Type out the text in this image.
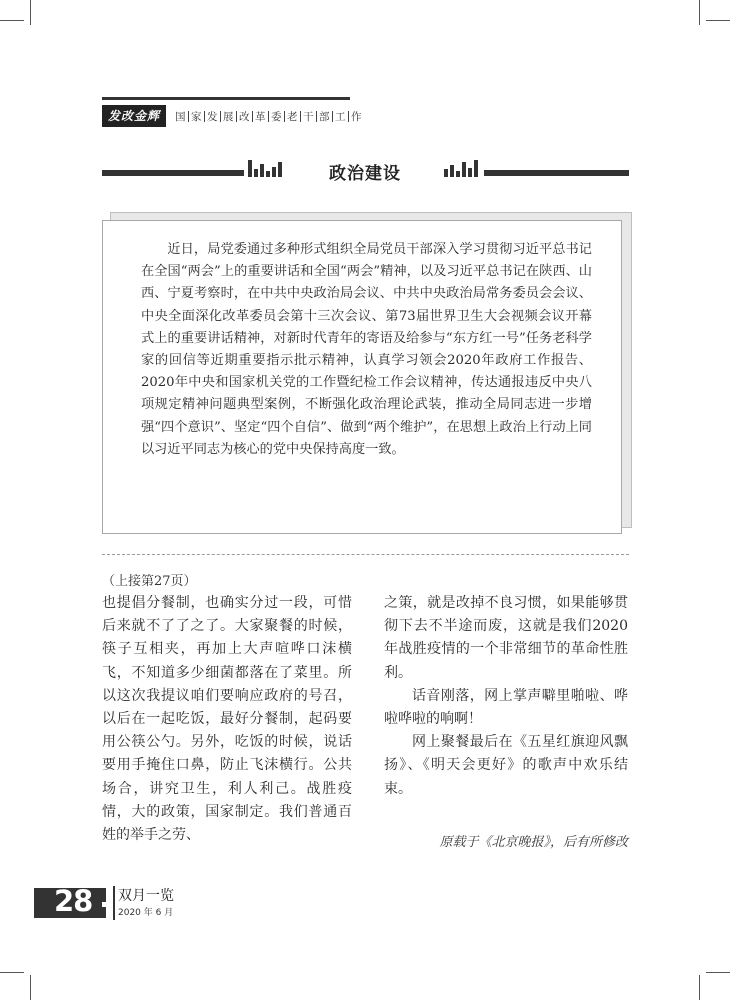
发改金辉	国 家 发 展 改 革 委 老 干 部 工 作
政治建设

近日，局党委通过多种形式组织全局党员干部深入学习贯彻习近平总书记在全国“两会”上的重要讲话和全国“两会”精神，以及习近平总书记在陕西、山西、宁夏考察时，在中共中央政治局会议、中共中央政治局常务委员会会议、中央全面深化改革委员会第十三次会议、第73届世界卫生大会视频会议开幕式上的重要讲话精神，对新时代青年的寄语及给参与“东方红一号”任务老科学家的回信等近期重要指示批示精神，认真学习领会2020年政府工作报告、2020年中央和国家机关党的工作暨纪检工作会议精神，传达通报违反中央八项规定精神问题典型案例，不断强化政治理论武装，推动全局同志进一步增强“四个意识”、坚定“四个自信”、做到“两个维护”，在思想上政治上行动上同以习近平同志为核心的党中央保持高度一致。

（上接第27页）

也提倡分餐制，也确实分过一段，可惜后来就不了了之了。大家聚餐的时候，筷子互相夹，再加上大声喧哗口沫横飞，不知道多少细菌都落在了菜里。所以这次我提议咱们要响应政府的号召，以后在一起吃饭，最好分餐制，起码要用公筷公勺。另外，吃饭的时候，说话要用手掩住口鼻，防止飞沫横行。公共场合，讲究卫生，利人利己。战胜疫情，大的政策，国家制定。我们普通百姓的举手之劳、

之策，就是改掉不良习惯，如果能够贯彻下去不半途而废，这就是我们2020年战胜疫情的一个非常细节的革命性胜利。

话音刚落，网上掌声噼里啪啦、哗啦哗啦的响啊！

网上聚餐最后在《五星红旗迎风飘扬》、《明天会更好》的歌声中欢乐结束。

原载于《北京晚报》，后有所修改
28 双月一览
2020 年 6 月
